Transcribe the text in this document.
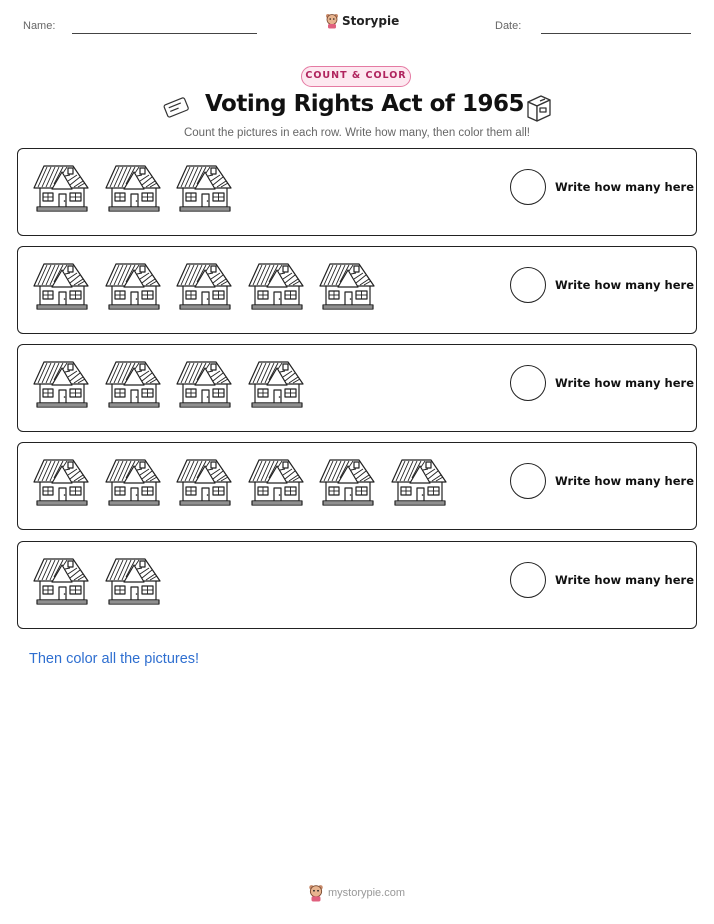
Name:	Storypie	Date:
COUNT & COLOR
Voting Rights Act of 1965
Count the pictures in each row. Write how many, then color them all!
Write how many here
Write how many here
Write how many here
Write how many here
Write how many here
Then color all the pictures!
mystorypie.com
